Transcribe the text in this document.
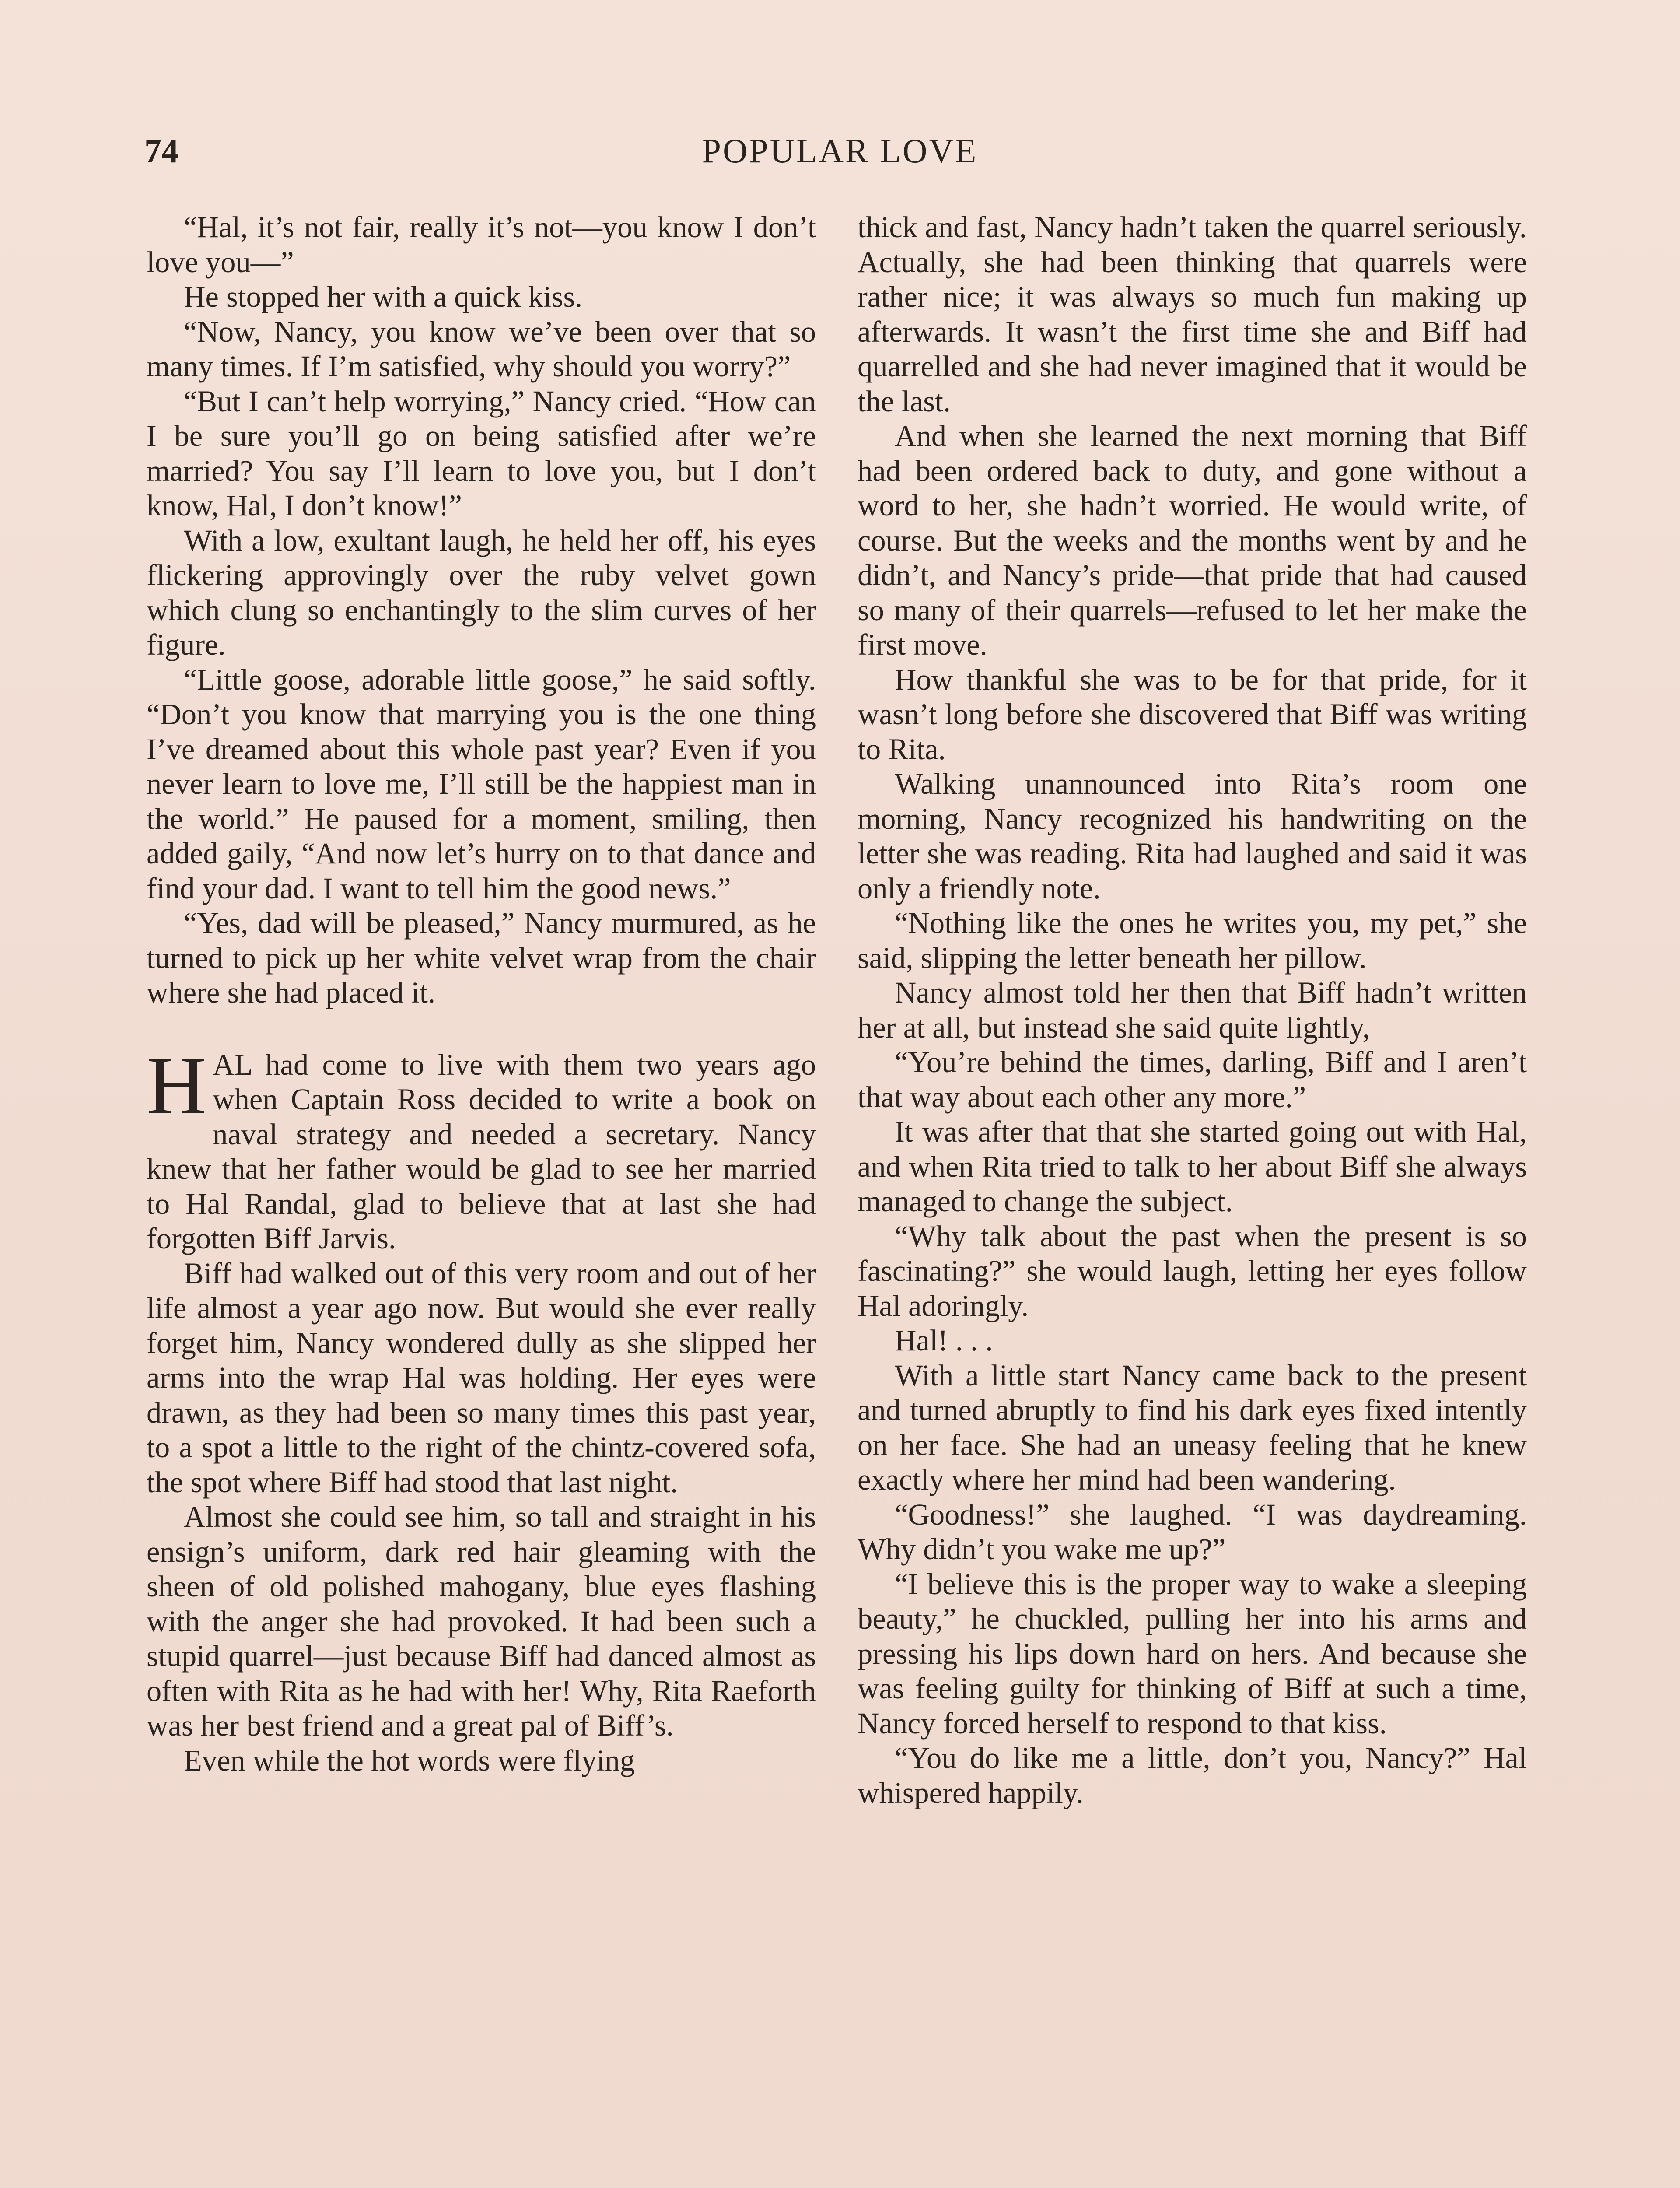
74	POPULAR LOVE

“Hal, it’s not fair, really it’s not—you know I don’t love you—”

He stopped her with a quick kiss.

“Now, Nancy, you know we’ve been over that so many times. If I’m satisfied, why should you worry?”

“But I can’t help worrying,” Nancy cried. “How can I be sure you’ll go on being satisfied after we’re married? You say I’ll learn to love you, but I don’t know, Hal, I don’t know!”

With a low, exultant laugh, he held her off, his eyes flickering approvingly over the ruby velvet gown which clung so enchantingly to the slim curves of her figure.

“Little goose, adorable little goose,” he said softly. “Don’t you know that marrying you is the one thing I’ve dreamed about this whole past year? Even if you never learn to love me, I’ll still be the happiest man in the world.” He paused for a moment, smiling, then added gaily, “And now let’s hurry on to that dance and find your dad. I want to tell him the good news.”

“Yes, dad will be pleased,” Nancy murmured, as he turned to pick up her white velvet wrap from the chair where she had placed it.

HAL had come to live with them two years ago when Captain Ross decided to write a book on naval strategy and needed a secretary. Nancy knew that her father would be glad to see her married to Hal Randal, glad to believe that at last she had forgotten Biff Jarvis.

Biff had walked out of this very room and out of her life almost a year ago now. But would she ever really forget him, Nancy wondered dully as she slipped her arms into the wrap Hal was holding. Her eyes were drawn, as they had been so many times this past year, to a spot a little to the right of the chintz-covered sofa, the spot where Biff had stood that last night.

Almost she could see him, so tall and straight in his ensign’s uniform, dark red hair gleaming with the sheen of old polished mahogany, blue eyes flashing with the anger she had provoked. It had been such a stupid quarrel—just because Biff had danced almost as often with Rita as he had with her! Why, Rita Raeforth was her best friend and a great pal of Biff’s.

Even while the hot words were flying

thick and fast, Nancy hadn’t taken the quarrel seriously. Actually, she had been thinking that quarrels were rather nice; it was always so much fun making up afterwards. It wasn’t the first time she and Biff had quarrelled and she had never imagined that it would be the last.

And when she learned the next morning that Biff had been ordered back to duty, and gone without a word to her, she hadn’t worried. He would write, of course. But the weeks and the months went by and he didn’t, and Nancy’s pride—that pride that had caused so many of their quarrels—refused to let her make the first move.

How thankful she was to be for that pride, for it wasn’t long before she discovered that Biff was writing to Rita.

Walking unannounced into Rita’s room one morning, Nancy recognized his handwriting on the letter she was reading. Rita had laughed and said it was only a friendly note.

“Nothing like the ones he writes you, my pet,” she said, slipping the letter beneath her pillow.

Nancy almost told her then that Biff hadn’t written her at all, but instead she said quite lightly,

“You’re behind the times, darling, Biff and I aren’t that way about each other any more.”

It was after that that she started going out with Hal, and when Rita tried to talk to her about Biff she always managed to change the subject.

“Why talk about the past when the present is so fascinating?” she would laugh, letting her eyes follow Hal adoringly.

Hal! . . .

With a little start Nancy came back to the present and turned abruptly to find his dark eyes fixed intently on her face. She had an uneasy feeling that he knew exactly where her mind had been wandering.

“Goodness!” she laughed. “I was daydreaming. Why didn’t you wake me up?”

“I believe this is the proper way to wake a sleeping beauty,” he chuckled, pulling her into his arms and pressing his lips down hard on hers. And because she was feeling guilty for thinking of Biff at such a time, Nancy forced herself to respond to that kiss.

“You do like me a little, don’t you, Nancy?” Hal whispered happily.
